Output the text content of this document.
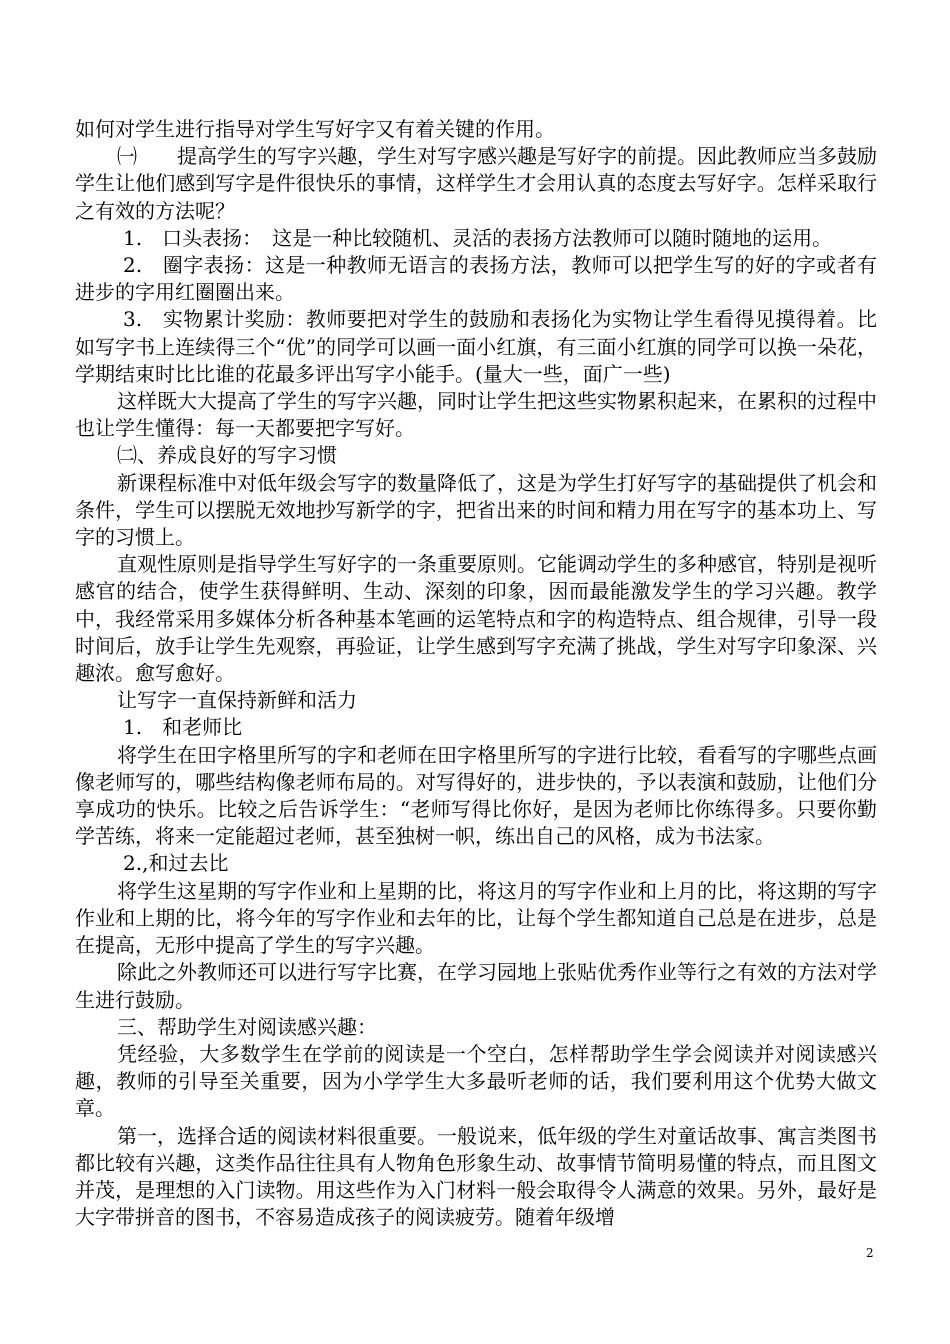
如何对学生进行指导对学生写好字又有着关键的作用。

㈠　　提高学生的写字兴趣，学生对写字感兴趣是写好字的前提。因此教师应当多鼓励学生让他们感到写字是件很快乐的事情，这样学生才会用认真的态度去写好字。怎样采取行之有效的方法呢？

1.　口头表扬：　这是一种比较随机、灵活的表扬方法教师可以随时随地的运用。

2.　圈字表扬：这是一种教师无语言的表扬方法，教师可以把学生写的好的字或者有进步的字用红圈圈出来。

3.　实物累计奖励：教师要把对学生的鼓励和表扬化为实物让学生看得见摸得着。比如写字书上连续得三个“优”的同学可以画一面小红旗，有三面小红旗的同学可以换一朵花，学期结束时比比谁的花最多评出写字小能手。(量大一些，面广一些)

这样既大大提高了学生的写字兴趣，同时让学生把这些实物累积起来，在累积的过程中也让学生懂得：每一天都要把字写好。

㈡、养成良好的写字习惯

新课程标准中对低年级会写字的数量降低了，这是为学生打好写字的基础提供了机会和条件，学生可以摆脱无效地抄写新学的字，把省出来的时间和精力用在写字的基本功上、写字的习惯上。

直观性原则是指导学生写好字的一条重要原则。它能调动学生的多种感官，特别是视听感官的结合，使学生获得鲜明、生动、深刻的印象，因而最能激发学生的学习兴趣。教学中，我经常采用多媒体分析各种基本笔画的运笔特点和字的构造特点、组合规律，引导一段时间后，放手让学生先观察，再验证，让学生感到写字充满了挑战，学生对写字印象深、兴趣浓。愈写愈好。

让写字一直保持新鲜和活力

1.　和老师比

将学生在田字格里所写的字和老师在田字格里所写的字进行比较，看看写的字哪些点画像老师写的，哪些结构像老师布局的。对写得好的，进步快的，予以表演和鼓励，让他们分享成功的快乐。比较之后告诉学生：“老师写得比你好，是因为老师比你练得多。只要你勤学苦练，将来一定能超过老师，甚至独树一帜，练出自己的风格，成为书法家。

2.,和过去比

将学生这星期的写字作业和上星期的比，将这月的写字作业和上月的比，将这期的写字作业和上期的比，将今年的写字作业和去年的比，让每个学生都知道自己总是在进步，总是在提高，无形中提高了学生的写字兴趣。

除此之外教师还可以进行写字比赛，在学习园地上张贴优秀作业等行之有效的方法对学生进行鼓励。

三、帮助学生对阅读感兴趣：

凭经验，大多数学生在学前的阅读是一个空白，怎样帮助学生学会阅读并对阅读感兴趣，教师的引导至关重要，因为小学学生大多最听老师的话，我们要利用这个优势大做文章。

第一，选择合适的阅读材料很重要。一般说来，低年级的学生对童话故事、寓言类图书都比较有兴趣，这类作品往往具有人物角色形象生动、故事情节简明易懂的特点，而且图文并茂，是理想的入门读物。用这些作为入门材料一般会取得令人满意的效果。另外，最好是大字带拼音的图书，不容易造成孩子的阅读疲劳。随着年级增

2
